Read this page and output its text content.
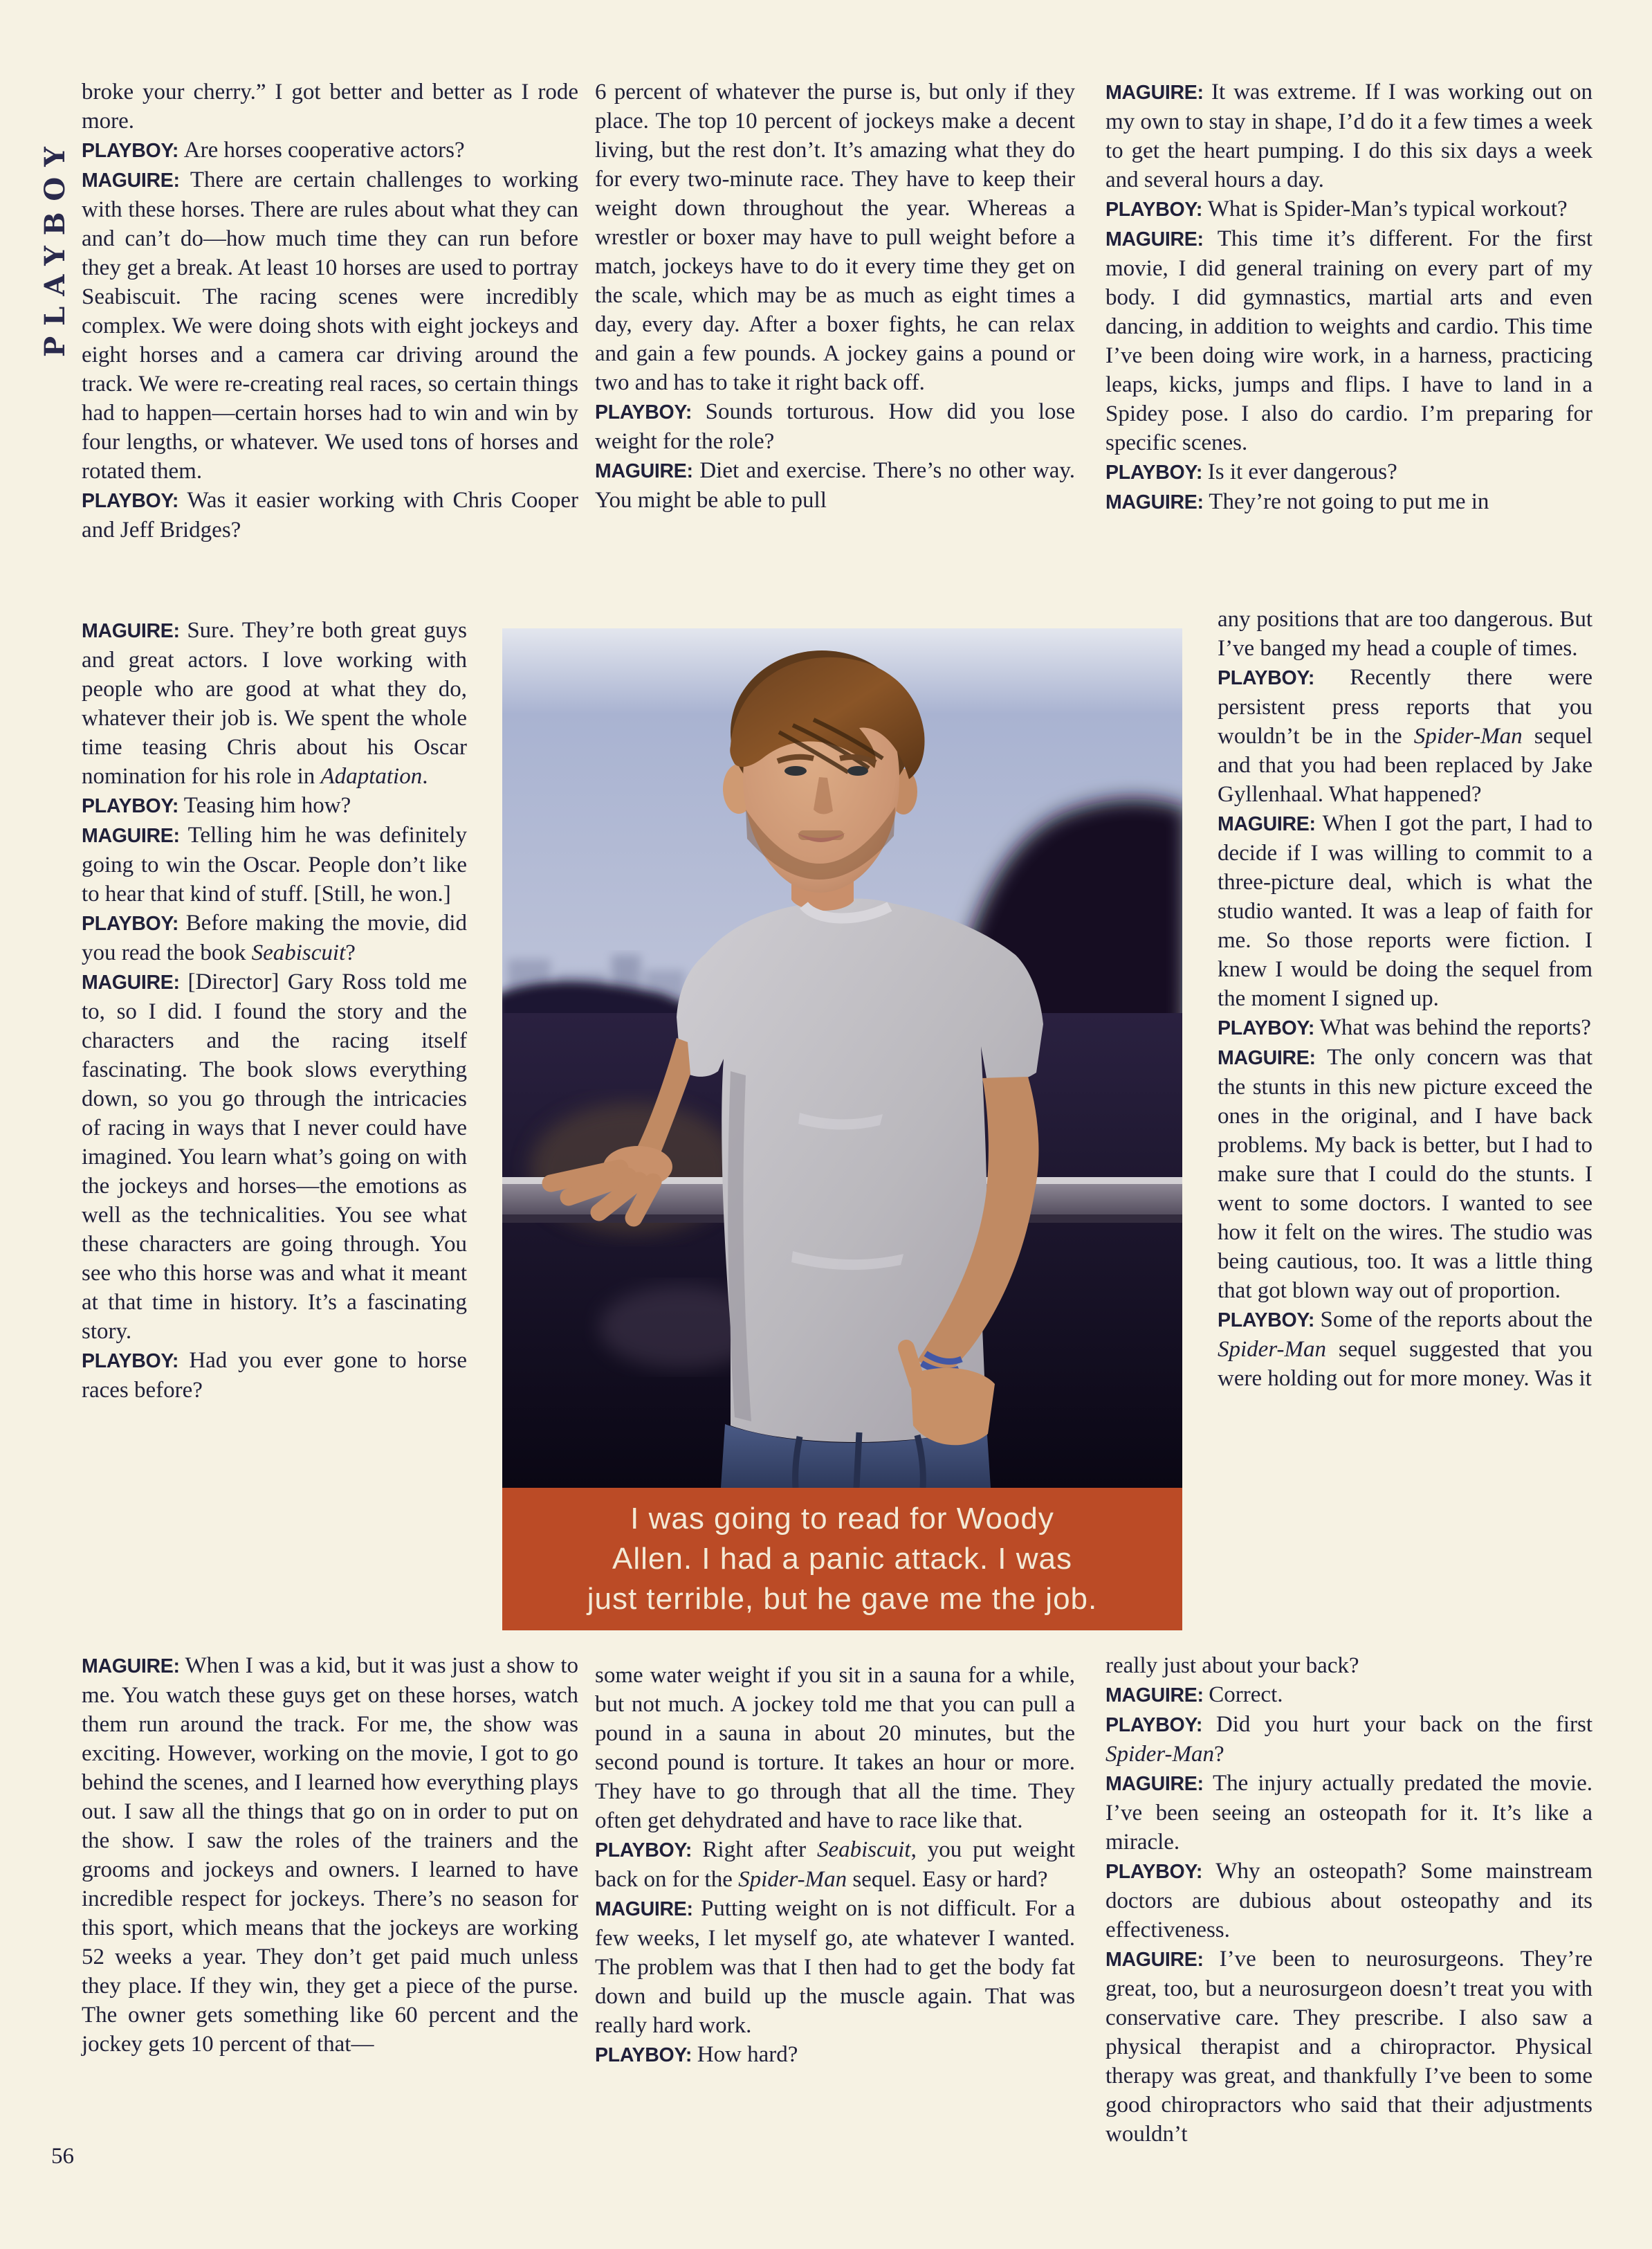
PLAYBOY

broke your cherry.” I got better and better as I rode more.

PLAYBOY: Are horses cooperative actors?

MAGUIRE: There are certain challenges to working with these horses. There are rules about what they can and can’t do—how much time they can run before they get a break. At least 10 horses are used to portray Seabiscuit. The racing scenes were incredibly complex. We were doing shots with eight jockeys and eight horses and a camera car driving around the track. We were re-creating real races, so certain things had to happen—certain horses had to win and win by four lengths, or whatever. We used tons of horses and rotated them.

PLAYBOY: Was it easier working with Chris Cooper and Jeff Bridges?

MAGUIRE: Sure. They’re both great guys and great actors. I love working with people who are good at what they do, whatever their job is. We spent the whole time teasing Chris about his Oscar nomination for his role in Adaptation.

PLAYBOY: Teasing him how?

MAGUIRE: Telling him he was definitely going to win the Oscar. People don’t like to hear that kind of stuff. [Still, he won.]

PLAYBOY: Before making the movie, did you read the book Seabiscuit?

MAGUIRE: [Director] Gary Ross told me to, so I did. I found the story and the characters and the racing itself fascinating. The book slows everything down, so you go through the intricacies of racing in ways that I never could have imagined. You learn what’s going on with the jockeys and horses—the emotions as well as the technicalities. You see what these characters are going through. You see who this horse was and what it meant at that time in history. It’s a fascinating story.

PLAYBOY: Had you ever gone to horse races before?

MAGUIRE: When I was a kid, but it was just a show to me. You watch these guys get on these horses, watch them run around the track. For me, the show was exciting. However, working on the movie, I got to go behind the scenes, and I learned how everything plays out. I saw all the things that go on in order to put on the show. I saw the roles of the trainers and the grooms and jockeys and owners. I learned to have incredible respect for jockeys. There’s no season for this sport, which means that the jockeys are working 52 weeks a year. They don’t get paid much unless they place. If they win, they get a piece of the purse. The owner gets something like 60 percent and the jockey gets 10 percent of that—

6 percent of whatever the purse is, but only if they place. The top 10 percent of jockeys make a decent living, but the rest don’t. It’s amazing what they do for every two-minute race. They have to keep their weight down throughout the year. Whereas a wrestler or boxer may have to pull weight before a match, jockeys have to do it every time they get on the scale, which may be as much as eight times a day, every day. After a boxer fights, he can relax and gain a few pounds. A jockey gains a pound or two and has to take it right back off.

PLAYBOY: Sounds torturous. How did you lose weight for the role?

MAGUIRE: Diet and exercise. There’s no other way. You might be able to pull

some water weight if you sit in a sauna for a while, but not much. A jockey told me that you can pull a pound in a sauna in about 20 minutes, but the second pound is torture. It takes an hour or more. They have to go through that all the time. They often get dehydrated and have to race like that.

PLAYBOY: Right after Seabiscuit, you put weight back on for the Spider-Man sequel. Easy or hard?

MAGUIRE: Putting weight on is not difficult. For a few weeks, I let myself go, ate whatever I wanted. The problem was that I then had to get the body fat down and build up the muscle again. That was really hard work.

PLAYBOY: How hard?

MAGUIRE: It was extreme. If I was working out on my own to stay in shape, I’d do it a few times a week to get the heart pumping. I do this six days a week and several hours a day.

PLAYBOY: What is Spider-Man’s typical workout?

MAGUIRE: This time it’s different. For the first movie, I did general training on every part of my body. I did gymnastics, martial arts and even dancing, in addition to weights and cardio. This time I’ve been doing wire work, in a harness, practicing leaps, kicks, jumps and flips. I have to land in a Spidey pose. I also do cardio. I’m preparing for specific scenes.

PLAYBOY: Is it ever dangerous?

MAGUIRE: They’re not going to put me in

any positions that are too dangerous. But I’ve banged my head a couple of times.

PLAYBOY: Recently there were persistent press reports that you wouldn’t be in the Spider-Man sequel and that you had been replaced by Jake Gyllenhaal. What happened?

MAGUIRE: When I got the part, I had to decide if I was willing to commit to a three-picture deal, which is what the studio wanted. It was a leap of faith for me. So those reports were fiction. I knew I would be doing the sequel from the moment I signed up.

PLAYBOY: What was behind the reports?

MAGUIRE: The only concern was that the stunts in this new picture exceed the ones in the original, and I have back problems. My back is better, but I had to make sure that I could do the stunts. I went to some doctors. I wanted to see how it felt on the wires. The studio was being cautious, too. It was a little thing that got blown way out of proportion.

PLAYBOY: Some of the reports about the Spider-Man sequel suggested that you were holding out for more money. Was it

really just about your back?

MAGUIRE: Correct.

PLAYBOY: Did you hurt your back on the first Spider-Man?

MAGUIRE: The injury actually predated the movie. I’ve been seeing an osteopath for it. It’s like a miracle.

PLAYBOY: Why an osteopath? Some mainstream doctors are dubious about osteopathy and its effectiveness.

MAGUIRE: I’ve been to neurosurgeons. They’re great, too, but a neurosurgeon doesn’t treat you with conservative care. They prescribe. I also saw a physical therapist and a chiropractor. Physical therapy was great, and thankfully I’ve been to some good chiropractors who said that their adjustments wouldn’t

I was going to read for Woody
Allen. I had a panic attack. I was
just terrible, but he gave me the job.
56
